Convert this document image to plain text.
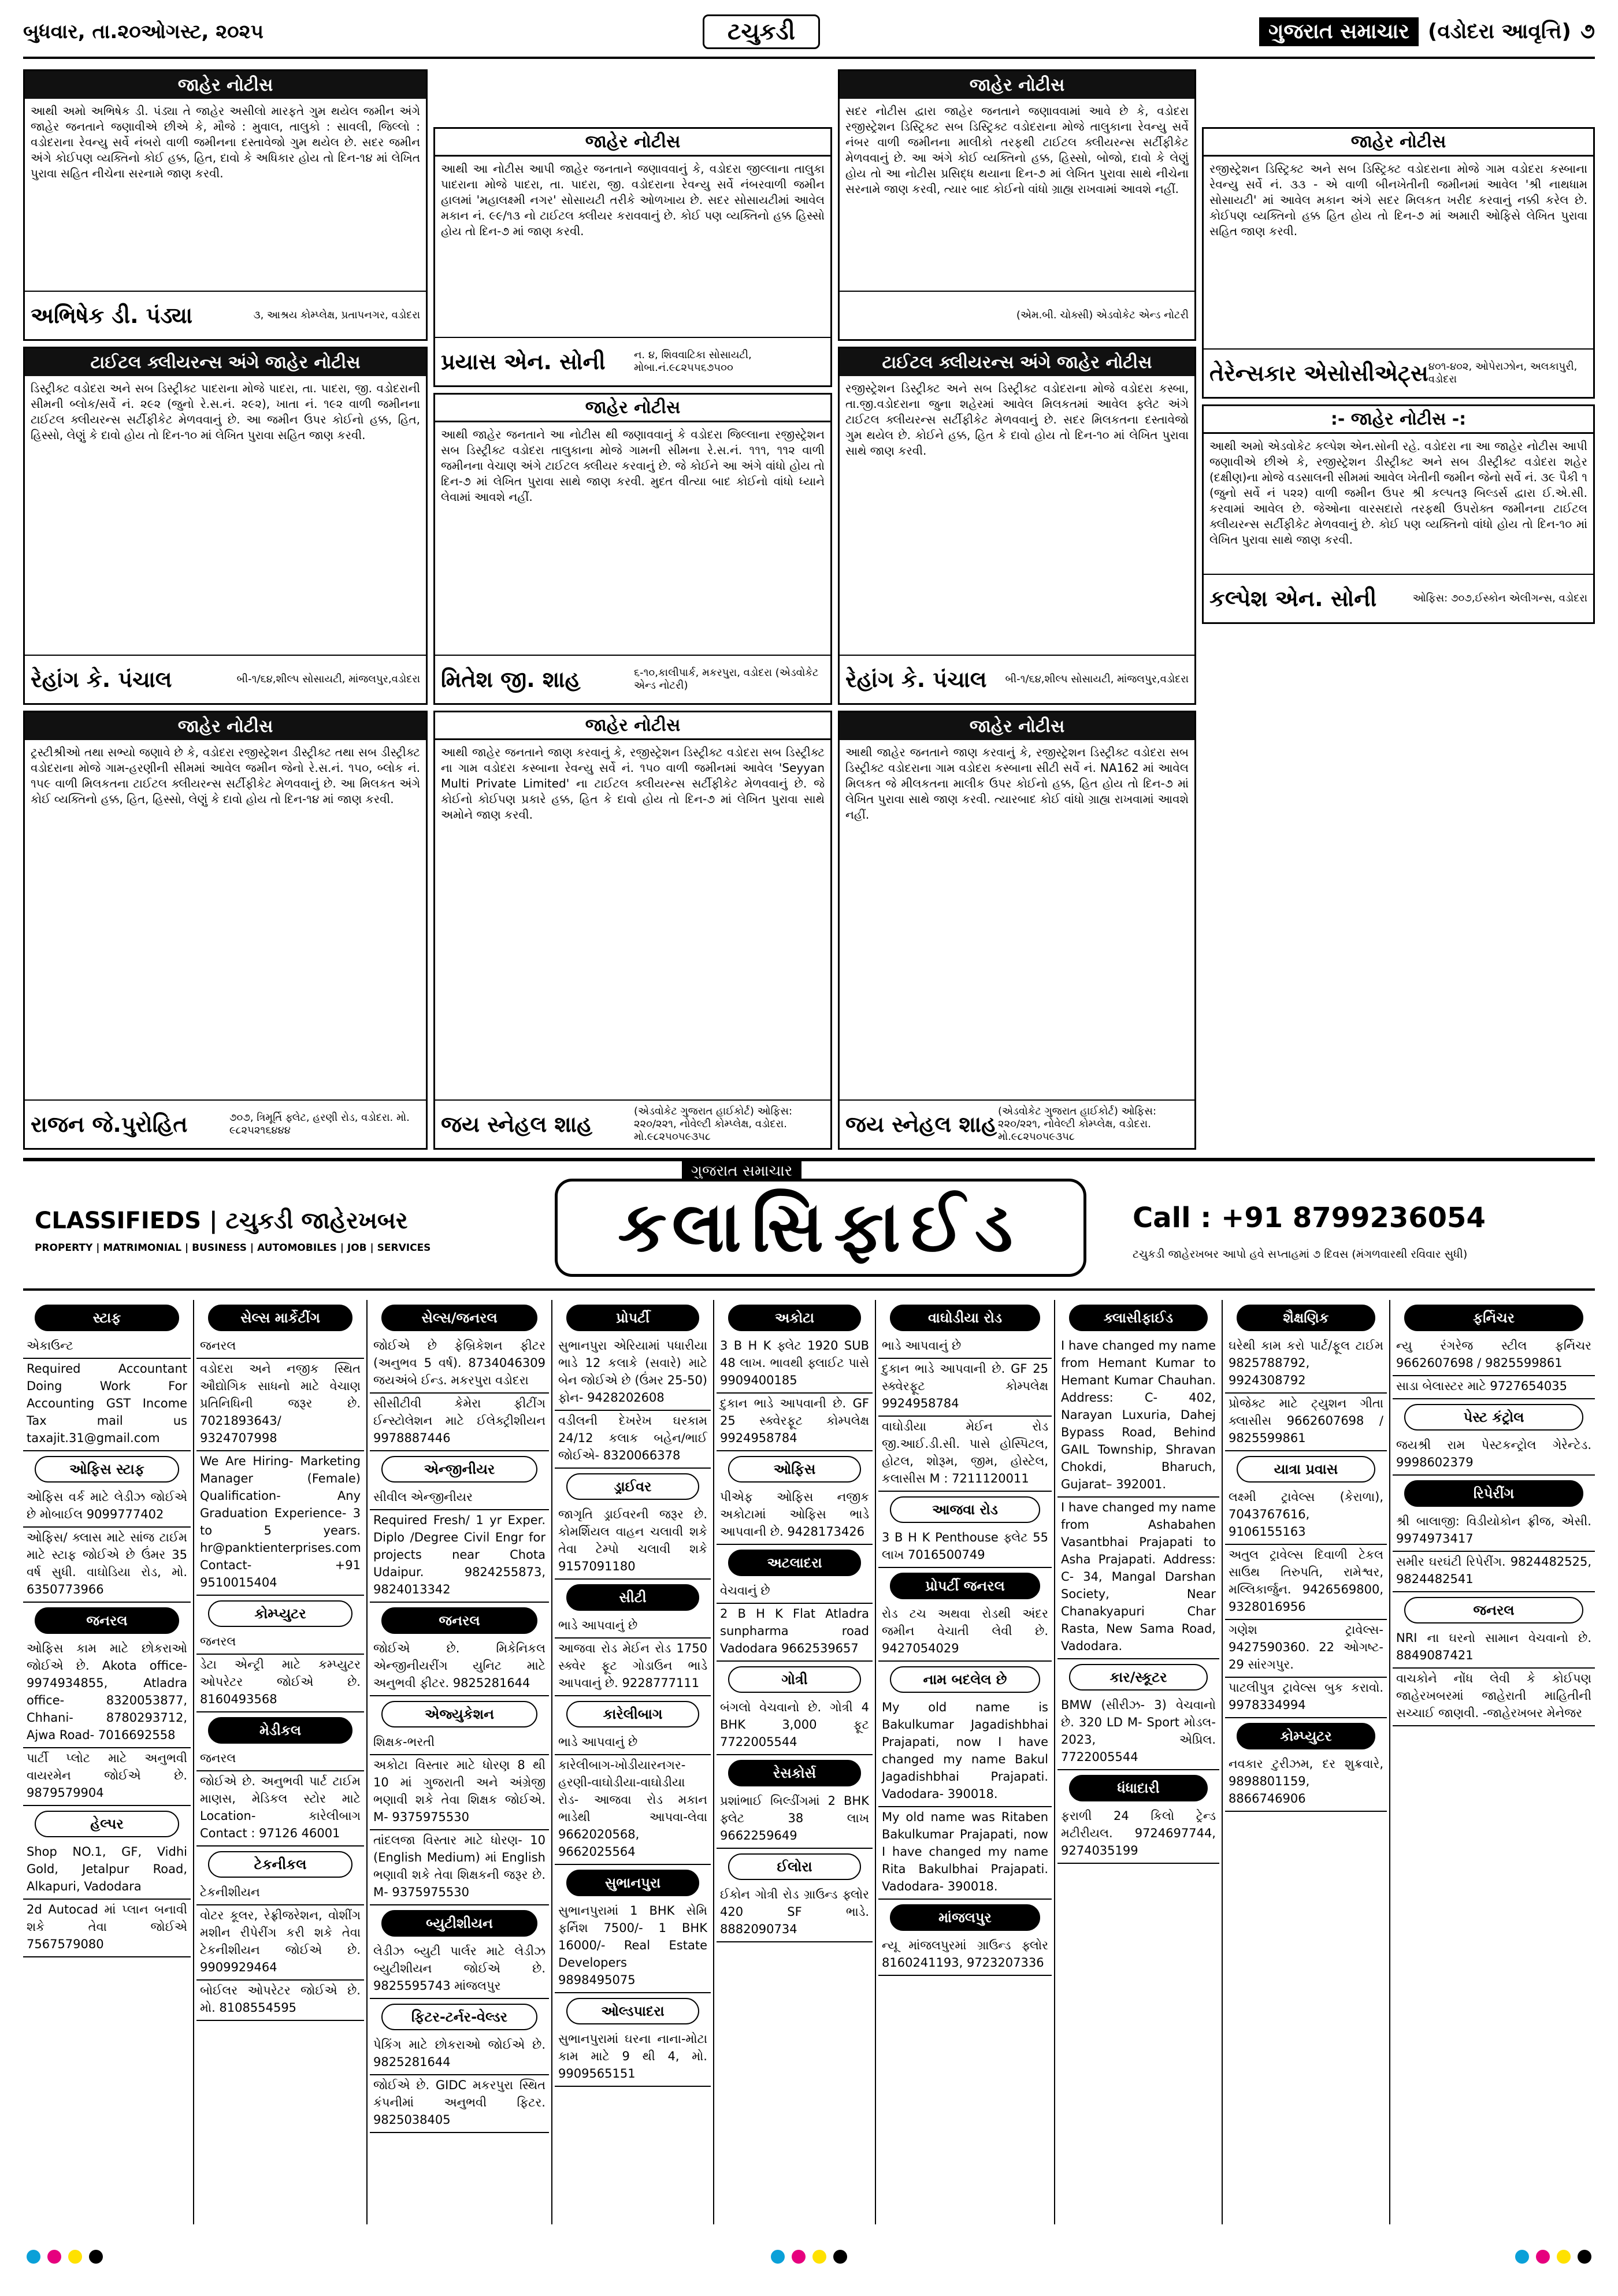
બુધવાર, તા.૨૦ઓગસ્ટ, ૨૦૨૫	ટચુકડી	ગુજરાત સમાચાર (વડોદરા આવૃત્તિ) ૭
જાહેર નોટીસ
આથી અમો અભિષેક ડી. પંડ્યા તે જાહેર અસીલો મારફતે ગુમ થયેલ જમીન અંગે જાહેર જનતાને જણાવીએ છીએ કે, મૌજે : મુવાલ, તાલુકો : સાવલી, જિલ્લો : વડોદરાના રેવન્યુ સર્વે નંબરો વાળી જમીનના દસ્તાવેજો ગુમ થયેલ છે. સદર જમીન અંગે કોઈપણ વ્યક્તિનો કોઈ હક્ક, હિત, દાવો કે અધિકાર હોય તો દિન-૧૪ માં લેખિત પુરાવા સહિત નીચેના સરનામે જાણ કરવી.
અભિષેક ડી. પંડ્યા	૩, આશ્રય કોમ્પ્લેક્ષ, પ્રતાપનગર, વડોદરા
જાહેર નોટીસ
આથી આ નોટીસ આપી જાહેર જનતાને જણાવવાનું કે, વડોદરા જીલ્લાના તાલુકા પાદરાના મોજે પાદરા, તા. પાદરા, જી. વડોદરાના રેવન્યુ સર્વે નંબરવાળી જમીન હાલમાં 'મહાલક્ષ્મી નગર' સોસાયટી તરીકે ઓળખાય છે. સદર સોસાયટીમાં આવેલ મકાન નં. ૯૯/૧૩ નો ટાઈટલ ક્લીયર કરાવવાનું છે. કોઈ પણ વ્યક્તિનો હક્ક હિસ્સો હોય તો દિન-૭ માં જાણ કરવી.
પ્રયાસ એન. સોની	ન. ૪, શિવવાટિકા સોસાયટી, મોબા.નં.૯૮૨૫૫૬૭૫૦૦
જાહેર નોટીસ
સદર નોટીસ દ્વારા જાહેર જનતાને જણાવવામાં આવે છે કે, વડોદરા રજીસ્ટ્રેશન ડિસ્ટ્રિક્ટ સબ ડિસ્ટ્રિક્ટ વડોદરાના મોજે તાલુકાના રેવન્યુ સર્વે નંબર વાળી જમીનના માલીકો તરફથી ટાઈટલ ક્લીયરન્સ સર્ટીફીકેટ મેળવવાનું છે. આ અંગે કોઈ વ્યક્તિનો હક્ક, હિસ્સો, બોજો, દાવો કે લેણું હોય તો આ નોટીસ પ્રસિદ્ધ થયાના દિન-૭ માં લેખિત પુરાવા સાથે નીચેના સરનામે જાણ કરવી, ત્યાર બાદ કોઈનો વાંધો ગ્રાહ્ય રાખવામાં આવશે નહીં.
(એમ.બી. ચોક્સી) એડવોકેટ એન્ડ નોટરી
જાહેર નોટીસ
રજીસ્ટ્રેશન ડિસ્ટ્રિક્ટ અને સબ ડિસ્ટ્રિક્ટ વડોદરાના મોજે ગામ વડોદરા કસ્બાના રેવન્યુ સર્વે નં. ૩૩ - એ વાળી બીનખેતીની જમીનમાં આવેલ 'શ્રી નાથધામ સોસાયટી' માં આવેલ મકાન અંગે સદર મિલકત ખરીદ કરવાનું નક્કી કરેલ છે. કોઈપણ વ્યક્તિનો હક્ક હિત હોય તો દિન-૭ માં અમારી ઓફિસે લેખિત પુરાવા સહિત જાણ કરવી.
તેરેન્સકાર એસોસીએટ્સ ૪૦૧-૪૦૨, ઓપેરાઝોન, અલકાપુરી, વડોદરા
ટાઈટલ ક્લીયરન્સ અંગે જાહેર નોટીસ
ડિસ્ટ્રીક્ટ વડોદરા અને સબ ડિસ્ટ્રીક્ટ પાદરાના મોજે પાદરા, તા. પાદરા, જી. વડોદરાની સીમની બ્લોક/સર્વે નં. ૨૯૨ (જુનો રે.સ.નં. ૨૯૨), ખાતા નં. ૧૯૨ વાળી જમીનના ટાઈટલ ક્લીયરન્સ સર્ટીફીકેટ મેળવવાનું છે. આ જમીન ઉપર કોઈનો હક્ક, હિત, હિસ્સો, લેણું કે દાવો હોય તો દિન-૧૦ માં લેખિત પુરાવા સહિત જાણ કરવી.
રેહાંગ કે. પંચાલ	બી-૧/૬૪,શીલ્પ સોસાયટી, માંજલપુર,વડોદરા
જાહેર નોટીસ
આથી જાહેર જનતાને આ નોટીસ થી જણાવવાનું કે વડોદરા જિલ્લાના રજીસ્ટ્રેશન સબ ડિસ્ટ્રીક્ટ વડોદરા તાલુકાના મોજે ગામની સીમના રે.સ.નં. ૧૧૧, ૧૧૨ વાળી જમીનના વેચાણ અંગે ટાઈટલ ક્લીયર કરવાનું છે. જે કોઈને આ અંગે વાંધો હોય તો દિન-૭ માં લેખિત પુરાવા સાથે જાણ કરવી. મુદત વીત્યા બાદ કોઈનો વાંધો ધ્યાને લેવામાં આવશે નહીં.
મિતેશ જી. શાહ	૬-૧૦,કાલીપાર્ક, મકરપુરા, વડોદરા (એડવોકેટ એન્ડ નોટરી)
ટાઈટલ ક્લીયરન્સ અંગે જાહેર નોટીસ
રજીસ્ટ્રેશન ડિસ્ટ્રીક્ટ અને સબ ડિસ્ટ્રીક્ટ વડોદરાના મોજે વડોદરા કસ્બા, તા.જી.વડોદરાના જુના શહેરમાં આવેલ મિલકતમાં આવેલ ફ્લેટ અંગે ટાઈટલ ક્લીયરન્સ સર્ટીફીકેટ મેળવવાનું છે. સદર મિલકતના દસ્તાવેજો ગુમ થયેલ છે. કોઈને હક્ક, હિત કે દાવો હોય તો દિન-૧૦ માં લેખિત પુરાવા સાથે જાણ કરવી.
રેહાંગ કે. પંચાલ બી-૧/૬૪,શીલ્પ સોસાયટી, માંજલપુર,વડોદરા
:- જાહેર નોટીસ -:
આથી અમો એડવોકેટ કલ્પેશ એન.સોની રહે. વડોદરા ના આ જાહેર નોટીસ આપી જણાવીએ છીએ કે, રજીસ્ટ્રેશન ડીસ્ટ્રીક્ટ અને સબ ડીસ્ટ્રીક્ટ વડોદરા શહેર (દક્ષીણ)ના મોજે વડસાલની સીમમાં આવેલ ખેતીની જમીન જેનો સર્વે નં. ૩૯ પૈકી ૧ (જુનો સર્વે નં ૫૨૨) વાળી જમીન ઉપર શ્રી કલ્પતરૂ બિલ્ડર્સ દ્વારા ઈ.એ.સી. કરવામાં આવેલ છે. જેઓના વારસદારો તરફથી ઉપરોક્ત જમીનના ટાઈટલ ક્લીયરન્સ સર્ટીફીકેટ મેળવવાનું છે. કોઈ પણ વ્યક્તિનો વાંધો હોય તો દિન-૧૦ માં લેખિત પુરાવા સાથે જાણ કરવી.
કલ્પેશ એન. સોની	ઓફિસ: ૭૦૭,ઈસ્કોન એલીગન્સ, વડોદરા
જાહેર નોટીસ
ટ્રસ્ટીશ્રીઓ તથા સભ્યો જણાવે છે કે, વડોદરા રજીસ્ટ્રેશન ડીસ્ટ્રીક્ટ તથા સબ ડીસ્ટ્રીક્ટ વડોદરાના મોજે ગામ-હરણીની સીમમાં આવેલ જમીન જેનો રે.સ.નં. ૧૫૦, બ્લોક નં. ૧૫૯ વાળી મિલકતના ટાઈટલ ક્લીયરન્સ સર્ટીફીકેટ મેળવવાનું છે. આ મિલકત અંગે કોઈ વ્યક્તિનો હક્ક, હિત, હિસ્સો, લેણું કે દાવો હોય તો દિન-૧૪ માં જાણ કરવી.
રાજન જે.પુરોહિત	૭૦૭, ત્રિમૂર્તિ ફ્લેટ, હરણી રોડ, વડોદરા. મો. ૯૮૨૫૨૧૬૪૪૪
જાહેર નોટીસ
આથી જાહેર જનતાને જાણ કરવાનું કે, રજીસ્ટ્રેશન ડિસ્ટ્રીક્ટ વડોદરા સબ ડિસ્ટ્રીક્ટ ના ગામ વડોદરા કસ્બાના રેવન્યુ સર્વે નં. ૧૫૦ વાળી જમીનમાં આવેલ 'Seyyan Multi Private Limited' ના ટાઈટલ ક્લીયરન્સ સર્ટીફીકેટ મેળવવાનું છે. જે કોઈનો કોઈપણ પ્રકારે હક્ક, હિત કે દાવો હોય તો દિન-૭ માં લેખિત પુરાવા સાથે અમોને જાણ કરવી.
જય સ્નેહલ શાહ	(એડવોકેટ ગુજરાત હાઈકોર્ટ) ઓફિસ: ૨૨૦/૨૨૧, નોવેલ્ટી કોમ્પ્લેક્ષ, વડોદરા. મો.૯૮૨૫૦૫૯૩૫૮
જાહેર નોટીસ
આથી જાહેર જનતાને જાણ કરવાનું કે, રજીસ્ટ્રેશન ડિસ્ટ્રીક્ટ વડોદરા સબ ડિસ્ટ્રીક્ટ વડોદરાના ગામ વડોદરા કસ્બાના સીટી સર્વે નં. NA162 માં આવેલ મિલકત જે મીલકતના માલીક ઉપર કોઈનો હક્ક, હિત હોય તો દિન-૭ માં લેખિત પુરાવા સાથે જાણ કરવી. ત્યારબાદ કોઈ વાંધો ગ્રાહ્ય રાખવામાં આવશે નહીં.
જય સ્નેહલ શાહ (એડવોકેટ ગુજરાત હાઈકોર્ટ) ઓફિસ: ૨૨૦/૨૨૧, નોવેલ્ટી કોમ્પ્લેક્ષ, વડોદરા. મો.૯૮૨૫૦૫૯૩૫૮
ગુજરાત સમાચાર
CLASSIFIEDS | ટચુકડી જાહેરખબર
PROPERTY | MATRIMONIAL | BUSINESS | AUTOMOBILES | JOB | SERVICES	ક્લાસિફાઈડ	Call : +91 8799236054
ટચુકડી જાહેરખબર આપો હવે સપ્તાહમાં ૭ દિવસ (મંગળવારથી રવિવાર સુધી)
સ્ટાફ
એકાઉન્ટ
Required Accountant Doing Work For Accounting GST Income Tax mail us taxajit.31@gmail.com
ઓફિસ સ્ટાફ
ઓફિસ વર્ક માટે લેડીઝ જોઈએ છે મોબાઈલ 9099777402
ઓફિસ/ ક્લાસ માટે સાંજ ટાઈમ માટે સ્ટાફ જોઈએ છે ઉંમર 35 વર્ષ સુધી. વાઘોડિયા રોડ, મો. 6350773966
જનરલ
ઓફિસ કામ માટે છોકરાઓ જોઈએ છે. Akota office- 9974934855, Atladra office- 8320053877, Chhani- 8780293712, Ajwa Road- 7016692558
પાર્ટી પ્લોટ માટે અનુભવી વાયરમેન જોઈએ છે. 9879579904
હેલ્પર
Shop NO.1, GF, Vidhi Gold, Jetalpur Road, Alkapuri, Vadodara
2d Autocad માં પ્લાન બનાવી શકે તેવા જોઈએ 7567579080
સેલ્સ માર્કેટીંગ
જનરલ
વડોદરા અને નજીક સ્થિત ઔદ્યોગિક સાધનો માટે વેચાણ પ્રતિનિધિની જરૂર છે. 7021893643/ 9324707998
We Are Hiring- Marketing Manager (Female) Qualification- Any Graduation Experience- 3 to 5 years. hr@panktienterprises.com Contact- +91 9510015404
કોમ્પ્યુટર
જનરલ
ડેટા એન્ટ્રી માટે કમ્પ્યુટર ઓપરેટર જોઈએ છે. 8160493568
મેડીકલ
જનરલ
જોઈએ છે. અનુભવી પાર્ટ ટાઈમ માણસ, મેડિકલ સ્ટોર માટે Location- કારેલીબાગ Contact : 97126 46001
ટેકનીકલ
ટેકનીશીયન
વોટર કૂલર, રેફ્રીજરેશન, વોશીંગ મશીન રીપેરીંગ કરી શકે તેવા ટેકનીશીયન જોઈએ છે. 9909929464
બોઈલર ઓપરેટર જોઈએ છે. મો. 8108554595
સેલ્સ/જનરલ
જોઈએ છે ફેબ્રિકેશન ફીટર (અનુભવ 5 વર્ષ). 8734046309 જયઅંબે ઈન્ડ. મકરપુરા વડોદરા
સીસીટીવી કેમેરા ફીટીંગ ઈન્સ્ટોલેશન માટે ઈલેક્ટ્રીશીયન 9978887446
એન્જીનીયર
સીવીલ એન્જીનીયર
Required Fresh/ 1 yr Exper. Diplo /Degree Civil Engr for projects near Chota Udaipur. 9824255873, 9824013342
જનરલ
જોઈએ છે. મિકેનિકલ એન્જીનીયરીંગ યુનિટ માટે અનુભવી ફીટર. 9825281644
એજ્યુકેશન
શિક્ષક-ભરતી
અકોટા વિસ્તાર માટે ધોરણ 8 થી 10 માં ગુજરાતી અને અંગ્રેજી ભણાવી શકે તેવા શિક્ષક જોઈએ. M- 9375975530
તાંદલજા વિસ્તાર માટે ધોરણ- 10 (English Medium) માં English ભણાવી શકે તેવા શિક્ષકની જરૂર છે. M- 9375975530
બ્યુટીશીયન
લેડીઝ બ્યુટી પાર્લર માટે લેડીઝ બ્યુટીશીયન જોઈએ છે. 9825595743 માંજલપુર
ફિટર-ટર્નર-વેલ્ડર
પેકિંગ માટે છોકરાઓ જોઈએ છે. 9825281644
જોઈએ છે. GIDC મકરપુરા સ્થિત કંપનીમાં અનુભવી ફિટર. 9825038405
પ્રોપર્ટી
સુભાનપુરા એરિયામાં પધારીયા ભાડે 12 કલાકે (સવારે) માટે બેન જોઈએ છે (ઉંમર 25-50) ફોન- 9428202608
વડીલની દેખરેખ ઘરકામ 24/12 કલાક બહેન/ભાઈ જોઈએ- 8320066378
ડ્રાઈવર
જાગૃતિ ડ્રાઈવરની જરૂર છે. કોમર્શિયલ વાહન ચલાવી શકે તેવા ટેમ્પો ચલાવી શકે 9157091180
સીટી
ભાડે આપવાનું છે
આજવા રોડ મેઈન રોડ 1750 સ્ક્વેર ફૂટ ગોડાઉન ભાડે આપવાનું છે. 9228777111
કારેલીબાગ
ભાડે આપવાનું છે
કારેલીબાગ-ખોડીયારનગર- હરણી-વાઘોડીયા-વાઘોડીયા રોડ- આજવા રોડ મકાન ભાડેથી આપવા-લેવા 9662020568, 9662025564
સુભાનપુરા
સુભાનપુરામાં 1 BHK સેમિ ફર્નિશ 7500/- 1 BHK 16000/- Real Estate Developers 9898495075
ઓલ્ડપાદરા
સુભાનપુરામાં ઘરના નાના-મોટા કામ માટે 9 થી 4, મો. 9909565151
અકોટા
3 B H K ફ્લેટ 1920 SUB 48 લાખ. ભાવથી ફ્લાઈટ પાસે 9909400185
દુકાન ભાડે આપવાની છે. GF 25 સ્ક્વેરફૂટ કોમ્પલેક્ષ 9924958784
ઓફિસ
પીએફ ઓફિસ નજીક અકોટામાં ઓફિસ ભાડે આપવાની છે. 9428173426
અટલાદરા
વેચવાનું છે
2 B H K Flat Atladra sunpharma road Vadodara 9662539657
ગોત્રી
બંગલો વેચવાનો છે. ગોત્રી 4 BHK 3,000 ફૂટ 7722005544
રેસકોર્સ
પ્રશાંભાઈ બિલ્ડીંગમાં 2 BHK ફ્લેટ 38 લાખ 9662259649
ઈલોરા
ઈકોન ગોત્રી રોડ ગ્રાઉન્ડ ફ્લોર 420 SF ભાડે. 8882090734
વાઘોડીયા રોડ
ભાડે આપવાનું છે
દુકાન ભાડે આપવાની છે. GF 25 સ્ક્વેરફૂટ કોમ્પલેક્ષ 9924958784
વાઘોડીયા મેઈન રોડ જી.આઈ.ડી.સી. પાસે હોસ્પિટલ, હોટલ, શોરૂમ, જીમ, હોસ્ટેલ, કલાસીસ M : 7211120011
આજવા રોડ
3 B H K Penthouse ફ્લેટ 55 લાખ 7016500749
પ્રોપર્ટી જનરલ
રોડ ટચ અથવા રોડથી અંદર જમીન વેચાતી લેવી છે. 9427054029
નામ બદલેલ છે
My old name is Bakulkumar Jagadishbhai Prajapati, now I have changed my name Bakul Jagadishbhai Prajapati. Vadodara- 390018.
My old name was Ritaben Bakulkumar Prajapati, now I have changed my name Rita Bakulbhai Prajapati. Vadodara- 390018.
માંજલપુર
ન્યૂ માંજલપુરમાં ગ્રાઉન્ડ ફ્લોર 8160241193, 9723207336
ક્લાસીફાઈડ
I have changed my name from Hemant Kumar to Hemant Kumar Chauhan. Address: C- 402, Narayan Luxuria, Dahej Bypass Road, Behind GAIL Township, Shravan Chokdi, Bharuch, Gujarat– 392001.
I have changed my name from Ashabahen Vasantbhai Prajapati to Asha Prajapati. Address: C- 34, Mangal Darshan Society, Near Chanakyapuri Char Rasta, New Sama Road, Vadodara.
કાર/સ્કૂટર
BMW (સીરીઝ- 3) વેચવાનો છે. 320 LD M- Sport મોડલ- 2023, એપ્રિલ. 7722005544
ધંધાદારી
ફરાળી 24 કિલો ટ્રેન્ડ મટીરીયલ. 9724697744, 9274035199
શૈક્ષણિક
ઘરેથી કામ કરો પાર્ટ/ફૂલ ટાઈમ 9825788792, 9924308792
પ્રોજેક્ટ માટે ટ્યુશન ગીતા ક્લાસીસ 9662607698 / 9825599861
યાત્રા પ્રવાસ
લક્ષ્મી ટ્રાવેલ્સ (કેરાળા), 7043767616, 9106155163
અતુલ ટ્રાવેલ્સ દિવાળી ટેકલ સાઉથ તિરુપતિ, રામેશ્વર, મલ્લિકાર્જુન. 9426569800, 9328016956
ગણેશ ટ્રાવેલ્સ- 9427590360. 22 ઓગષ્ટ- 29 સાંરગપુર.
પાટલીપુત્ર ટ્રાવેલ્સ બુક કરાવો. 9978334994
કોમ્પ્યુટર
નવકાર ટુરીઝમ, દર શુક્રવારે, 9898801159, 8866746906
ફર્નિચર
ન્યુ રંગરેજ સ્ટીલ ફર્નિચર 9662607698 / 9825599861
સાડા બેલાસ્ટર માટે 9727654035
પેસ્ટ કંટ્રોલ
જયશ્રી રામ પેસ્ટકન્ટ્રોલ ગેરેન્ટેડ. 9998602379
રિપેરીંગ
શ્રી બાલાજી: વિડીયોકોન ફ્રીજ, એસી. 9974973417
સમીર ઘરઘંટી રિપેરીંગ. 9824482525, 9824482541
જનરલ
NRI ના ઘરનો સામાન વેચવાનો છે. 8849087421
વાચકોને નોંધ લેવી કે કોઈપણ જાહેરખબરમાં જાહેરાતી માહિતીની સચ્ચાઈ જાણવી. -જાહેરખબર મેનેજર
